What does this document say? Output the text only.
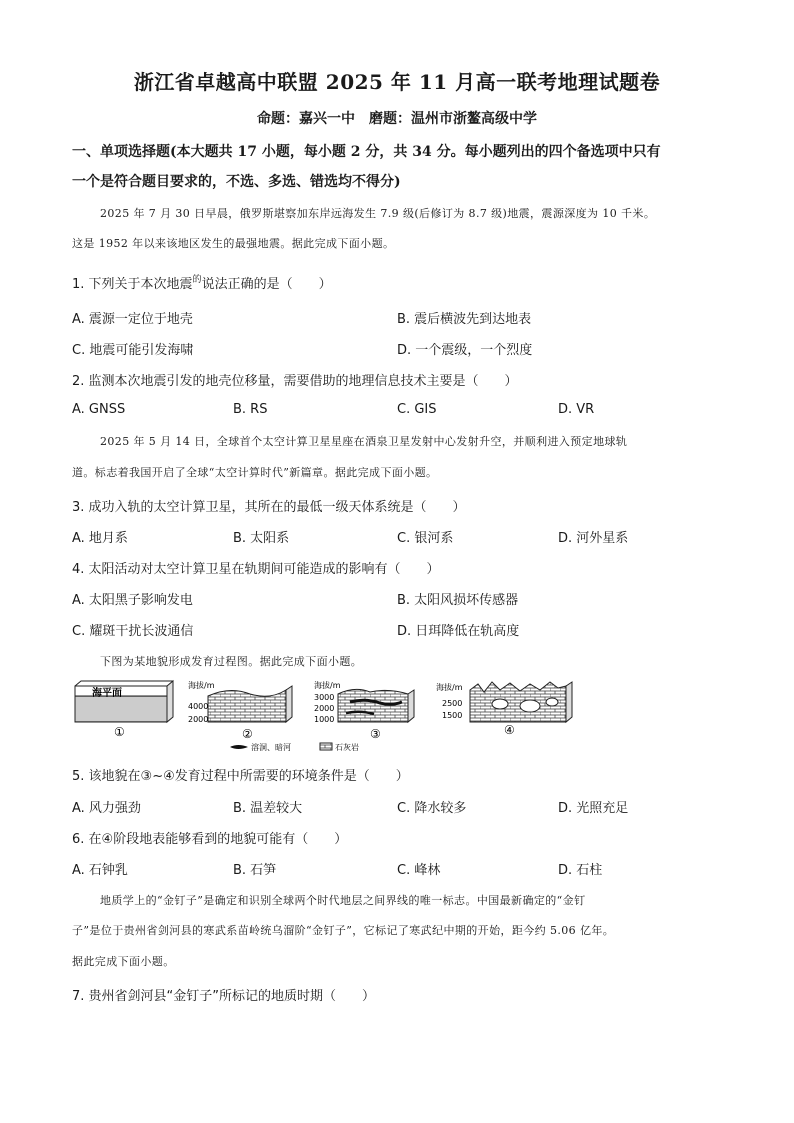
浙江省卓越高中联盟 2025 年 11 月高一联考地理试题卷
命题：嘉兴一中　磨题：温州市浙鳌高级中学
一、单项选择题(本大题共 17 小题，每小题 2 分，共 34 分。每小题列出的四个备选项中只有
一个是符合题目要求的，不选、多选、错选均不得分)
2025 年 7 月 30 日早晨，俄罗斯堪察加东岸远海发生 7.9 级(后修订为 8.7 级)地震，震源深度为 10 千米。
这是 1952 年以来该地区发生的最强地震。据此完成下面小题。
1. 下列关于本次地震$^的$说法正确的是（　　）
A. 震源一定位于地壳	B. 震后横波先到达地表
C. 地震可能引发海啸	D. 一个震级，一个烈度
2. 监测本次地震引发的地壳位移量，需要借助的地理信息技术主要是（　　）
A. GNSS	B. RS	C. GIS	D. VR
2025 年 5 月 14 日，全球首个太空计算卫星星座在酒泉卫星发射中心发射升空，并顺利进入预定地球轨
道。标志着我国开启了全球“太空计算时代”新篇章。据此完成下面小题。
3. 成功入轨的太空计算卫星，其所在的最低一级天体系统是（　　）
A. 地月系	B. 太阳系	C. 银河系	D. 河外星系
4. 太阳活动对太空计算卫星在轨期间可能造成的影响有（　　）
A. 太阳黑子影响发电	B. 太阳风损坏传感器
C. 耀斑干扰长波通信	D. 日珥降低在轨高度
下图为某地貌形成发育过程图。据此完成下面小题。
海平面
①
海拔/m
4000
2000
②
海拔/m
3000
2000
1000
③
海拔/m
2500
1500
④
溶洞、暗河	石灰岩
5. 该地貌在③~④发育过程中所需要的环境条件是（　　）
A. 风力强劲	B. 温差较大	C. 降水较多	D. 光照充足
6. 在④阶段地表能够看到的地貌可能有（　　）
A. 石钟乳	B. 石笋	C. 峰林	D. 石柱
地质学上的“金钉子”是确定和识别全球两个时代地层之间界线的唯一标志。中国最新确定的“金钉
子”是位于贵州省剑河县的寒武系苗岭统乌溜阶“金钉子”，它标记了寒武纪中期的开始，距今约 5.06 亿年。
据此完成下面小题。
7. 贵州省剑河县“金钉子”所标记的地质时期（　　）
